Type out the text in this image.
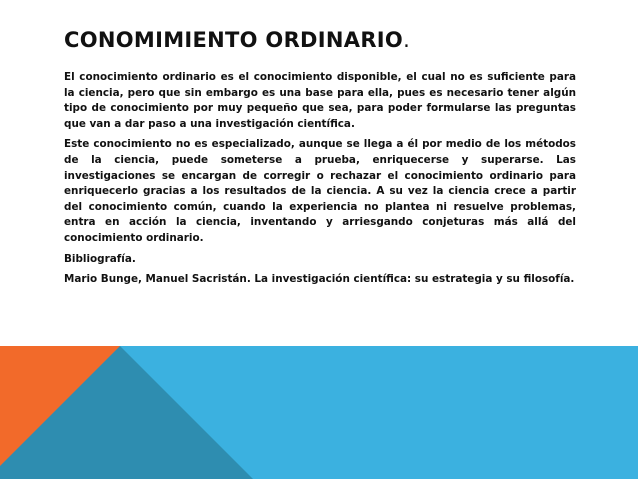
CONOMIMIENTO ORDINARIO.

El conocimiento ordinario es el conocimiento disponible, el cual no es suficiente para la ciencia, pero que sin embargo es una base para ella, pues es necesario tener algún tipo de conocimiento por muy pequeño que sea, para poder formularse las preguntas que van a dar paso a una investigación científica.

Este conocimiento no es especializado, aunque se llega a él por medio de los métodos de la ciencia, puede someterse a prueba, enriquecerse y superarse. Las investigaciones se encargan de corregir o rechazar el conocimiento ordinario para enriquecerlo gracias a los resultados de la ciencia. A su vez la ciencia crece a partir del conocimiento común, cuando la experiencia no plantea ni resuelve problemas, entra en acción la ciencia, inventando y arriesgando conjeturas más allá del conocimiento ordinario.

Bibliografía.

Mario Bunge, Manuel Sacristán. La investigación científica: su estrategia y su filosofía.
